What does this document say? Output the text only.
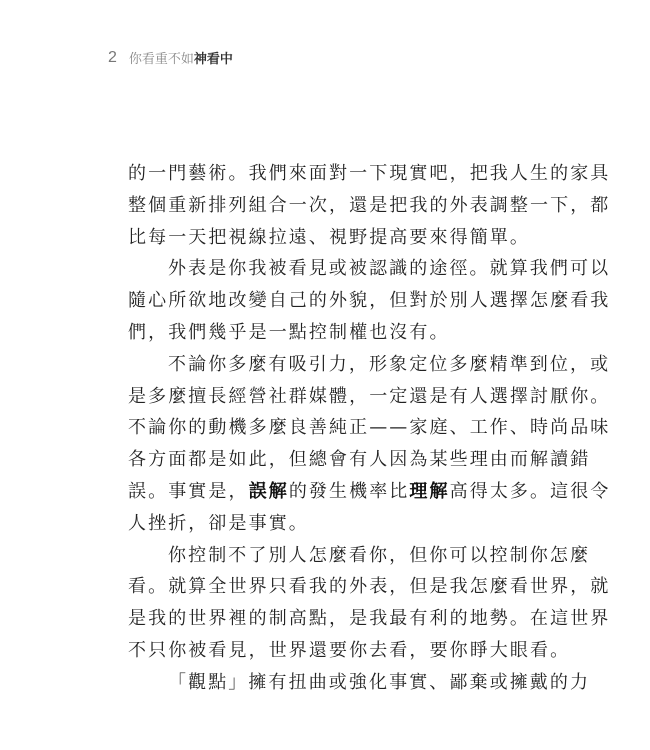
2 你看重不如 神看中
的一門藝術。我們來面對一下現實吧，把我人生的家具
整個重新排列組合一次，還是把我的外表調整一下，都
比每一天把視線拉遠、視野提高要來得簡單。
外表是你我被看見或被認識的途徑。就算我們可以
隨心所欲地改變自己的外貌，但對於別人選擇怎麼看我
們，我們幾乎是一點控制權也沒有。
不論你多麼有吸引力，形象定位多麼精準到位，或
是多麼擅長經營社群媒體，一定還是有人選擇討厭你。
不論你的動機多麼良善純正——家庭、工作、時尚品味
各方面都是如此，但總會有人因為某些理由而解讀錯
誤。事實是，誤解的發生機率比理解高得太多。這很令
人挫折，卻是事實。
你控制不了別人怎麼看你，但你可以控制你怎麼
看。就算全世界只看我的外表，但是我怎麼看世界，就
是我的世界裡的制高點，是我最有利的地勢。在這世界
不只你被看見，世界還要你去看，要你睜大眼看。
「觀點」擁有扭曲或強化事實、鄙棄或擁戴的力
